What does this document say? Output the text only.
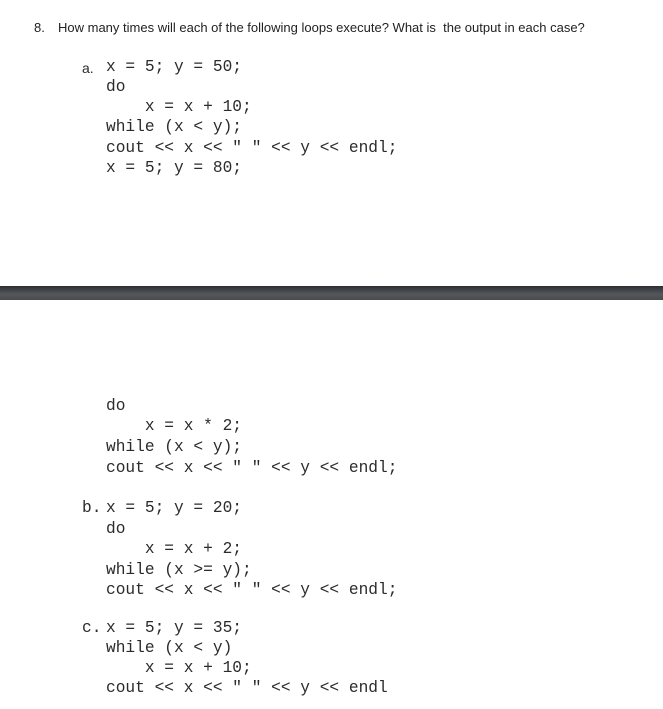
8. How many times will each of the following loops execute? What is  the output in each case?
a. x = 5; y = 50;
do
x = x + 10;
while (x < y);
cout << x << " " << y << endl;
x = 5; y = 80;
do
x = x * 2;
while (x < y);
cout << x << " " << y << endl;
b. x = 5; y = 20;
do
x = x + 2;
while (x >= y);
cout << x << " " << y << endl;
c. x = 5; y = 35;
while (x < y)
x = x + 10;
cout << x << " " << y << endl
